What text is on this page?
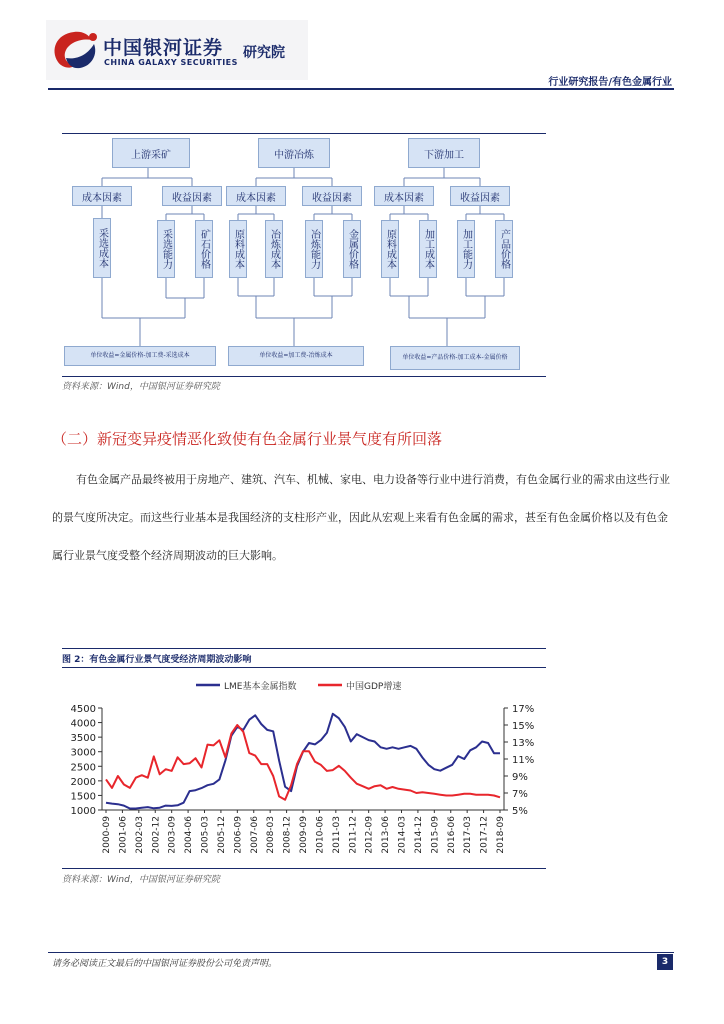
中国银河证券
CHINA GALAXY SECURITIES
研究院
行业研究报告/有色金属行业
上游采矿
成本因素	收益因素
采选成本	采选能力	矿石价格
单位收益=金属价格-加工费-采选成本
中游冶炼
成本因素	收益因素
原料成本	冶炼成本	冶炼能力	金属价格
单位收益=加工费-冶炼成本
下游加工
成本因素	收益因素
原料成本	加工成本	加工能力	产品价格
单位收益=产品价格-加工成本-金属价格
资料来源：Wind，中国银河证券研究院
（二）新冠变异疫情恶化致使有色金属行业景气度有所回落

有色金属产品最终被用于房地产、建筑、汽车、机械、家电、电力设备等行业中进行消费，有色金属行业的需求由这些行业的景气度所决定。而这些行业基本是我国经济的支柱形产业，因此从宏观上来看有色金属的需求，甚至有色金属价格以及有色金属行业景气度受整个经济周期波动的巨大影响。

图 2：有色金属行业景气度受经济周期波动影响
LME基本金属指数	中国GDP增速
1000
1500
2000
2500
3000
3500
4000
4500
5%
7%
9%
11%
13%
15%
17%
2000-09 2001-06 2002-03 2002-12 2003-09 2004-06 2005-03 2005-12 2006-09 2007-06 2008-03 2008-12 2009-09 2010-06 2011-03 2011-12 2012-09 2013-06 2014-03 2014-12 2015-09 2016-06 2017-03 2017-12 2018-09
资料来源：Wind，中国银河证券研究院
请务必阅读正文最后的中国银河证券股份公司免责声明。	3
